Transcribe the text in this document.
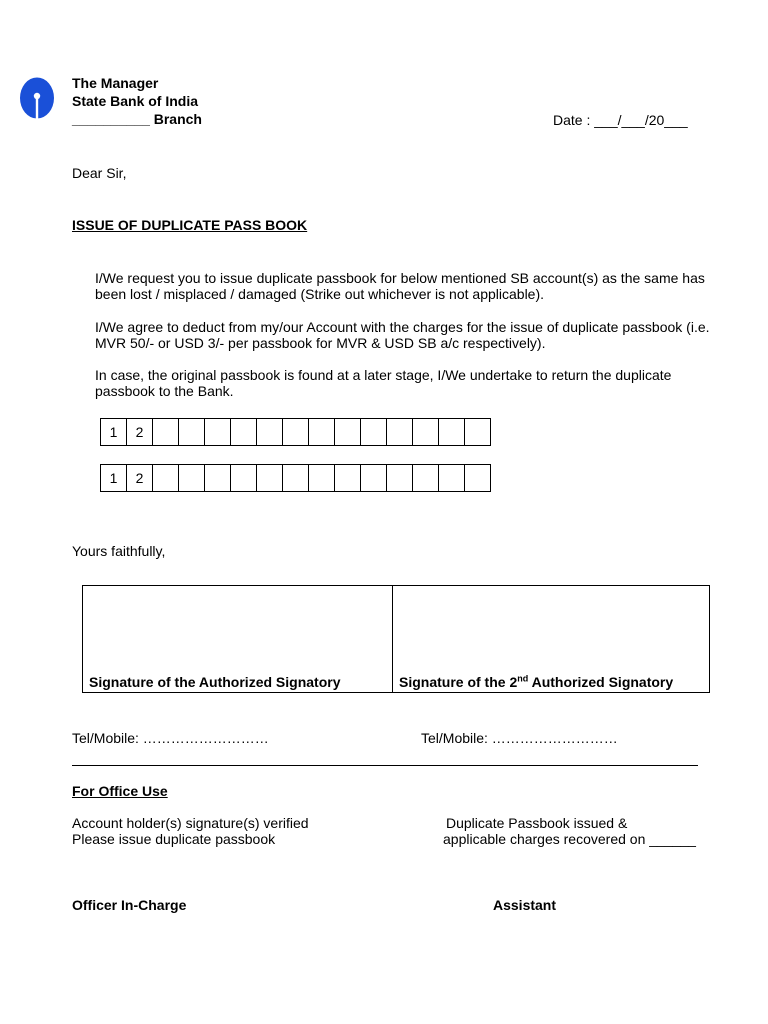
The Manager
State Bank of India
__________ Branch	Date : ___/___/20___
Dear Sir,
ISSUE OF DUPLICATE PASS BOOK
I/We request you to issue duplicate passbook for below mentioned SB account(s) as the same has
been lost / misplaced / damaged (Strike out whichever is not applicable).
I/We agree to deduct from my/our Account with the charges for the issue of duplicate passbook (i.e.
MVR 50/- or USD 3/- per passbook for MVR & USD SB a/c respectively).
In case, the original passbook is found at a later stage, I/We undertake to return the duplicate
passbook to the Bank.
1	2
1	2
Yours faithfully,
Signature of the Authorized Signatory	Signature of the 2nd Authorized Signatory
Tel/Mobile: ………………………	Tel/Mobile: ………………………
For Office Use
Account holder(s) signature(s) verified
Please issue duplicate passbook
Duplicate Passbook issued &
applicable charges recovered on ______
Officer In-Charge	Assistant
